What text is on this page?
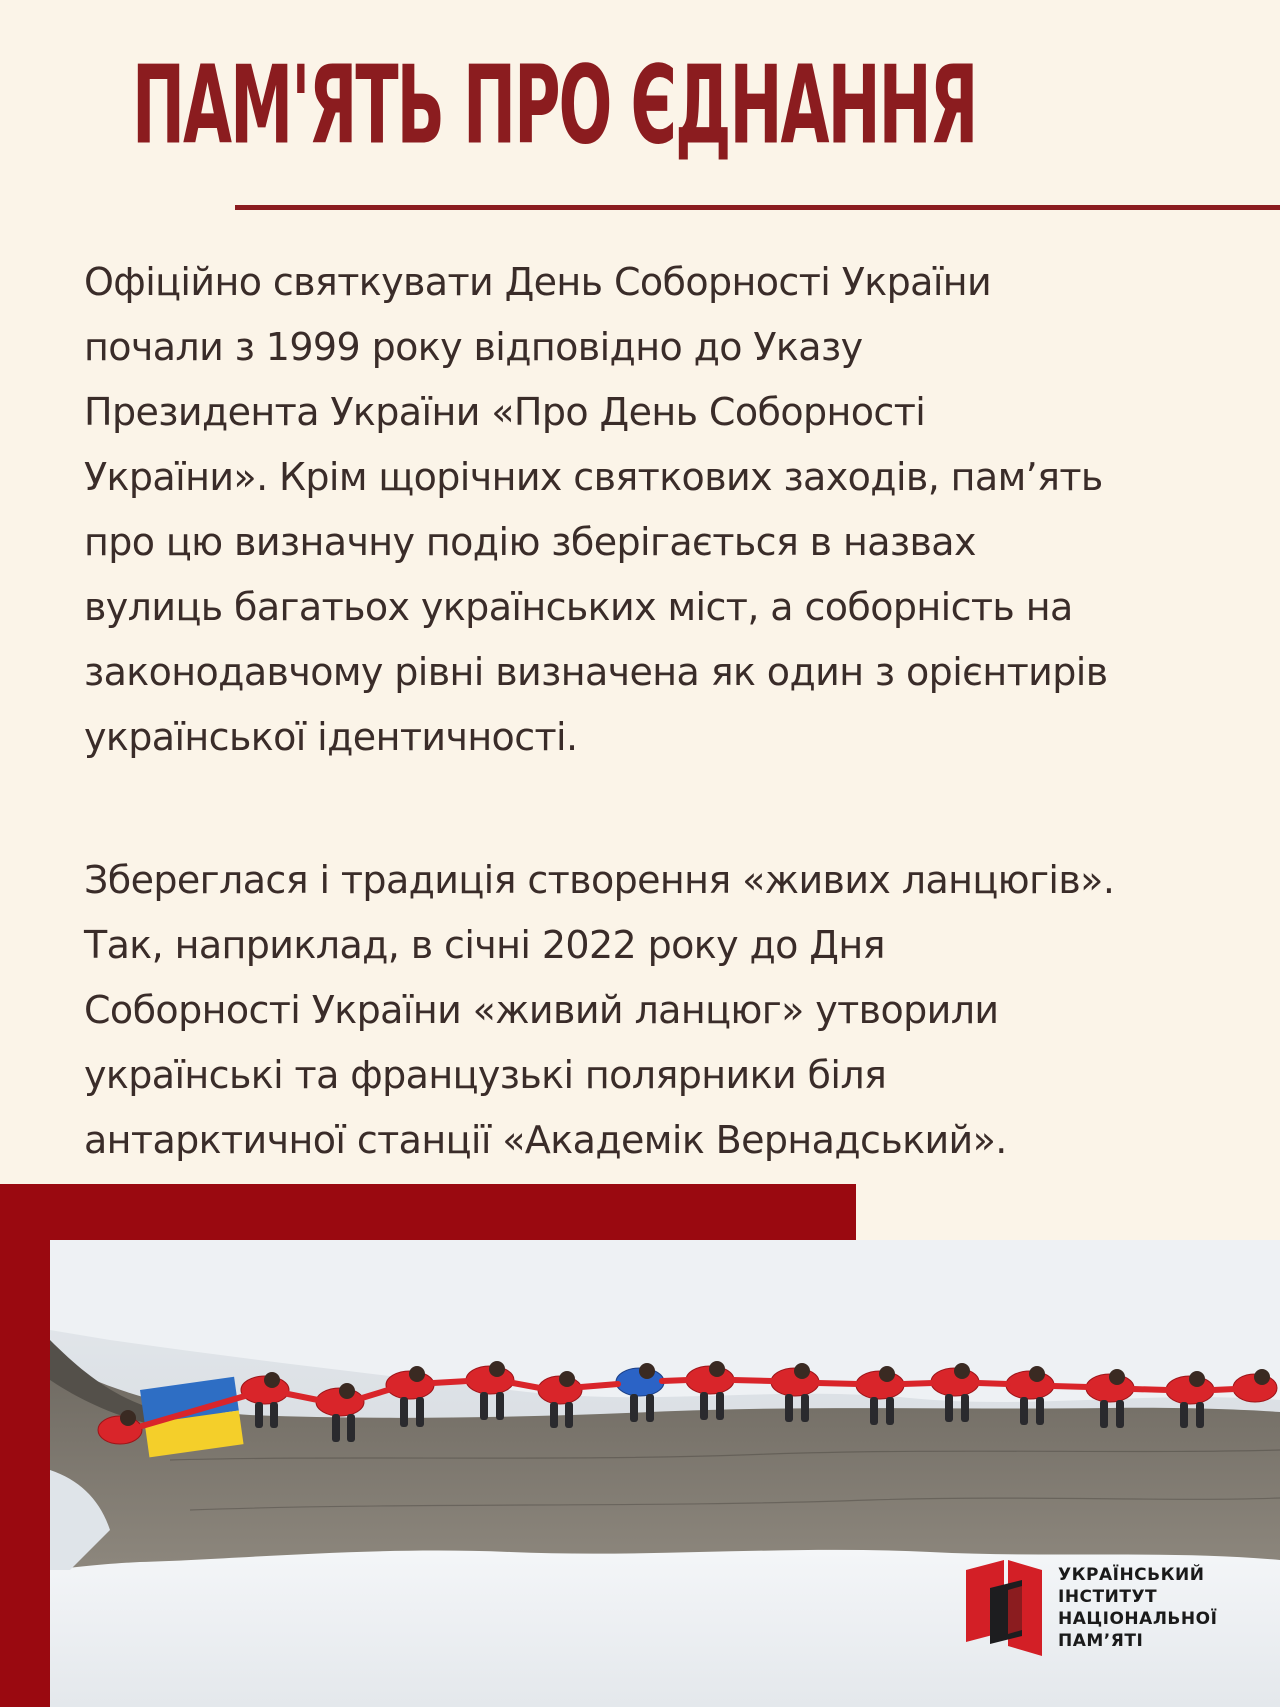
ПАМ'ЯТЬ ПРО ЄДНАННЯ

Офіційно святкувати День Соборності України
почали з 1999 року відповідно до Указу
Президента України «Про День Соборності
України». Крім щорічних святкових заходів, пам’ять
про цю визначну подію зберігається в назвах
вулиць багатьох українських міст, а соборність на
законодавчому рівні визначена як один з орієнтирів
української ідентичності.

Збереглася і традиція створення «живих ланцюгів».
Так, наприклад, в січні 2022 року до Дня
Соборності України «живий ланцюг» утворили
українські та французькі полярники біля
антарктичної станції «Академік Вернадський».

УКРАЇНСЬКИЙ
ІНСТИТУТ
НАЦІОНАЛЬНОЇ
ПАМ’ЯТІ
